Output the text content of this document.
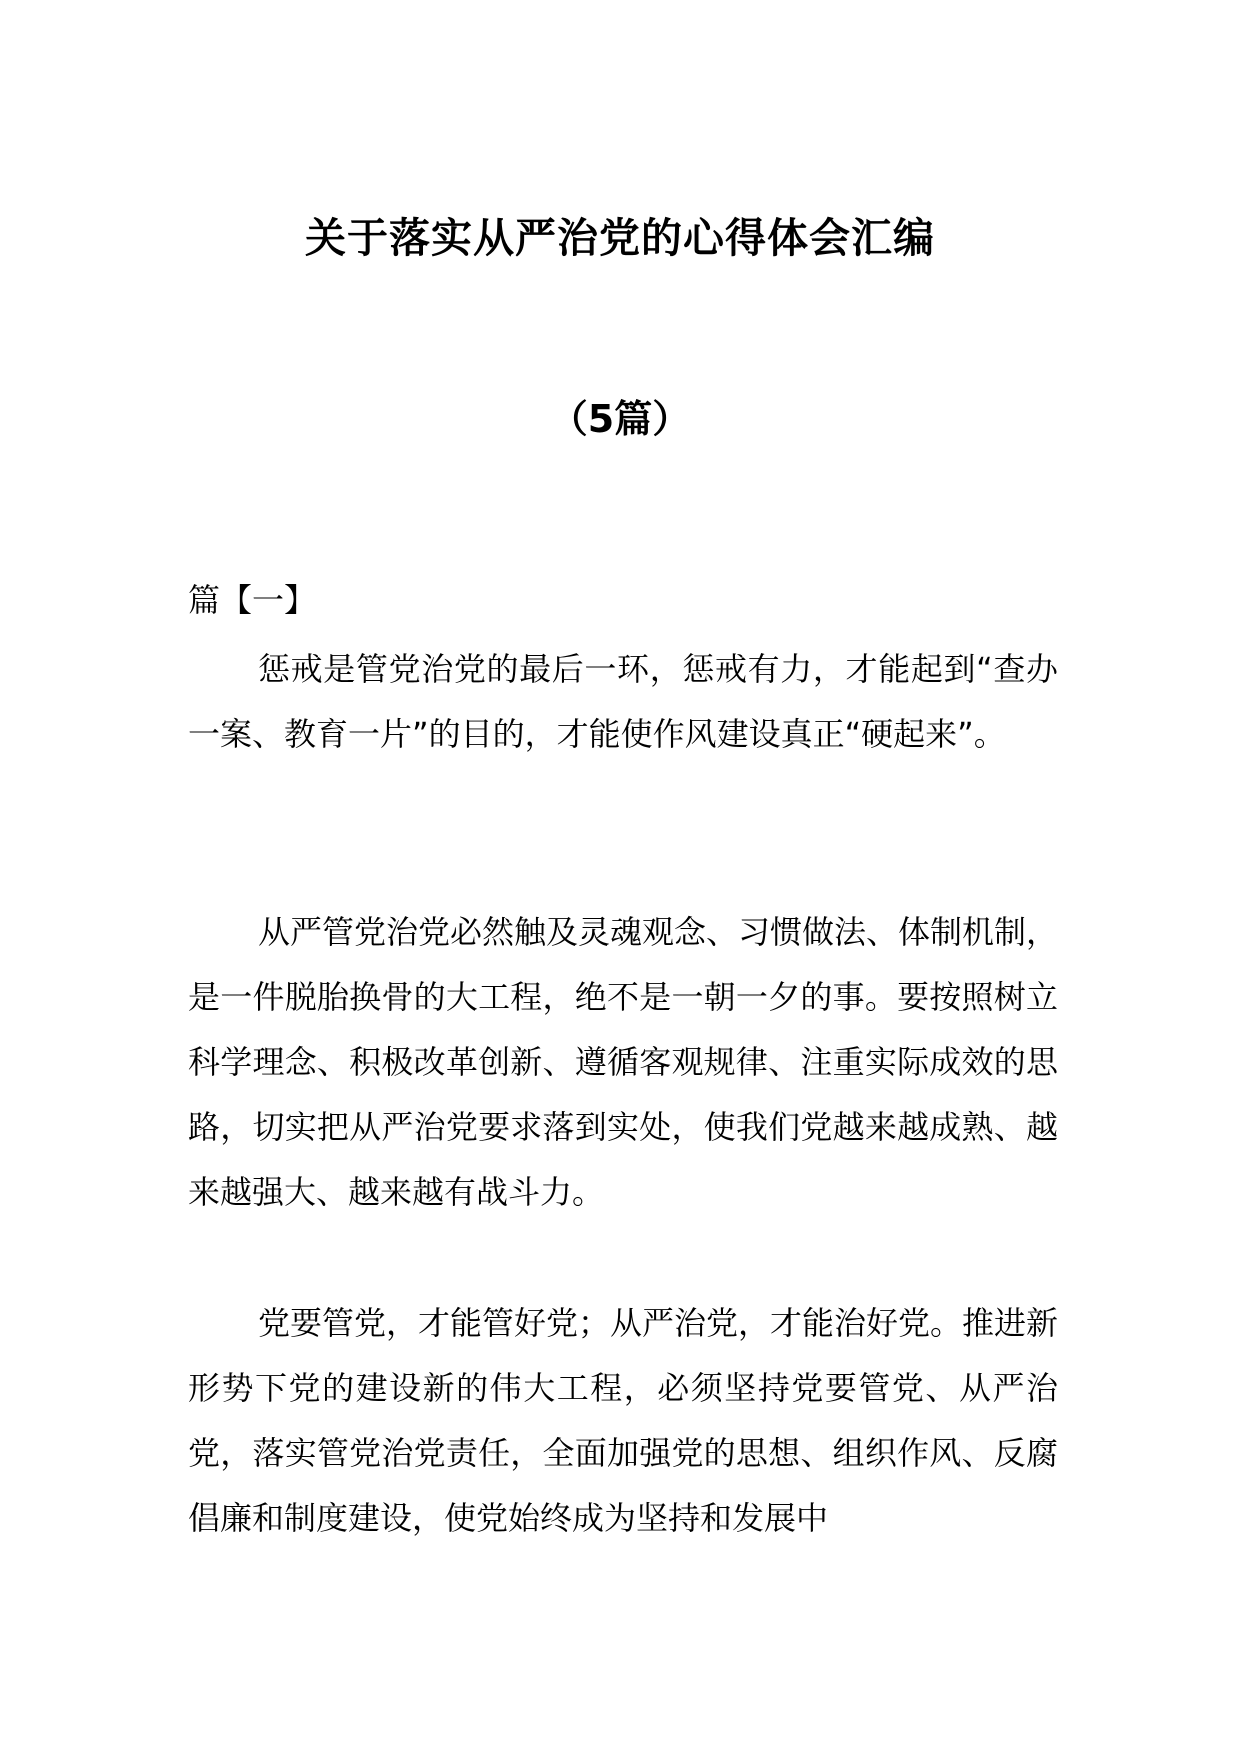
关于落实从严治党的心得体会汇编
（5篇）

篇【一】

惩戒是管党治党的最后一环，惩戒有力，才能起到“查办一案、教育一片”的目的，才能使作风建设真正“硬起来”。

从严管党治党必然触及灵魂观念、习惯做法、体制机制，是一件脱胎换骨的大工程，绝不是一朝一夕的事。要按照树立科学理念、积极改革创新、遵循客观规律、注重实际成效的思路，切实把从严治党要求落到实处，使我们党越来越成熟、越来越强大、越来越有战斗力。

党要管党，才能管好党；从严治党，才能治好党。推进新形势下党的建设新的伟大工程，必须坚持党要管党、从严治党，落实管党治党责任，全面加强党的思想、组织作风、反腐倡廉和制度建设，使党始终成为坚持和发展中
